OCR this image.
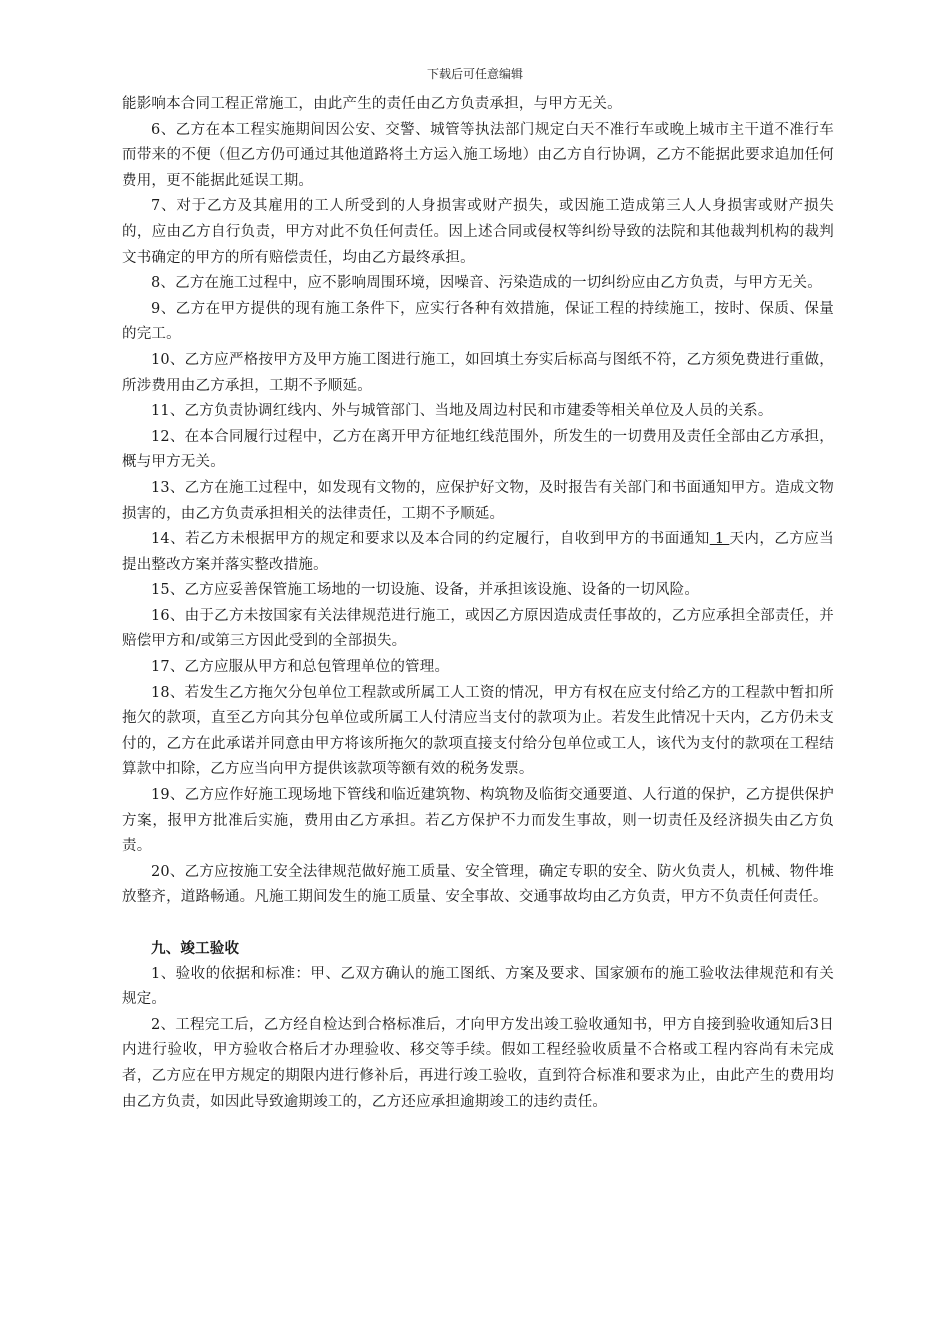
下载后可任意编辑

能影响本合同工程正常施工，由此产生的责任由乙方负责承担，与甲方无关。

6、乙方在本工程实施期间因公安、交警、城管等执法部门规定白天不准行车或晚上城市主干道不准行车而带来的不便（但乙方仍可通过其他道路将土方运入施工场地）由乙方自行协调，乙方不能据此要求追加任何费用，更不能据此延误工期。

7、对于乙方及其雇用的工人所受到的人身损害或财产损失，或因施工造成第三人人身损害或财产损失的，应由乙方自行负责，甲方对此不负任何责任。因上述合同或侵权等纠纷导致的法院和其他裁判机构的裁判文书确定的甲方的所有赔偿责任，均由乙方最终承担。

8、乙方在施工过程中，应不影响周围环境，因噪音、污染造成的一切纠纷应由乙方负责，与甲方无关。

9、乙方在甲方提供的现有施工条件下，应实行各种有效措施，保证工程的持续施工，按时、保质、保量的完工。

10、乙方应严格按甲方及甲方施工图进行施工，如回填土夯实后标高与图纸不符，乙方须免费进行重做，所涉费用由乙方承担，工期不予顺延。

11、乙方负责协调红线内、外与城管部门、当地及周边村民和市建委等相关单位及人员的关系。

12、在本合同履行过程中，乙方在离开甲方征地红线范围外，所发生的一切费用及责任全部由乙方承担，概与甲方无关。

13、乙方在施工过程中，如发现有文物的，应保护好文物，及时报告有关部门和书面通知甲方。造成文物损害的，由乙方负责承担相关的法律责任，工期不予顺延。

14、若乙方未根据甲方的规定和要求以及本合同的约定履行，自收到甲方的书面通知 1 天内，乙方应当提出整改方案并落实整改措施。

15、乙方应妥善保管施工场地的一切设施、设备，并承担该设施、设备的一切风险。

16、由于乙方未按国家有关法律规范进行施工，或因乙方原因造成责任事故的，乙方应承担全部责任，并赔偿甲方和/或第三方因此受到的全部损失。

17、乙方应服从甲方和总包管理单位的管理。

18、若发生乙方拖欠分包单位工程款或所属工人工资的情况，甲方有权在应支付给乙方的工程款中暂扣所拖欠的款项，直至乙方向其分包单位或所属工人付清应当支付的款项为止。若发生此情况十天内，乙方仍未支付的，乙方在此承诺并同意由甲方将该所拖欠的款项直接支付给分包单位或工人，该代为支付的款项在工程结算款中扣除，乙方应当向甲方提供该款项等额有效的税务发票。

19、乙方应作好施工现场地下管线和临近建筑物、构筑物及临街交通要道、人行道的保护，乙方提供保护方案，报甲方批准后实施，费用由乙方承担。若乙方保护不力而发生事故，则一切责任及经济损失由乙方负责。

20、乙方应按施工安全法律规范做好施工质量、安全管理，确定专职的安全、防火负责人，机械、物件堆放整齐，道路畅通。凡施工期间发生的施工质量、安全事故、交通事故均由乙方负责，甲方不负责任何责任。

九、竣工验收

1、验收的依据和标准：甲、乙双方确认的施工图纸、方案及要求、国家颁布的施工验收法律规范和有关规定。

2、工程完工后，乙方经自检达到合格标准后，才向甲方发出竣工验收通知书，甲方自接到验收通知后3日内进行验收，甲方验收合格后才办理验收、移交等手续。假如工程经验收质量不合格或工程内容尚有未完成者，乙方应在甲方规定的期限内进行修补后，再进行竣工验收，直到符合标准和要求为止，由此产生的费用均由乙方负责，如因此导致逾期竣工的，乙方还应承担逾期竣工的违约责任。
